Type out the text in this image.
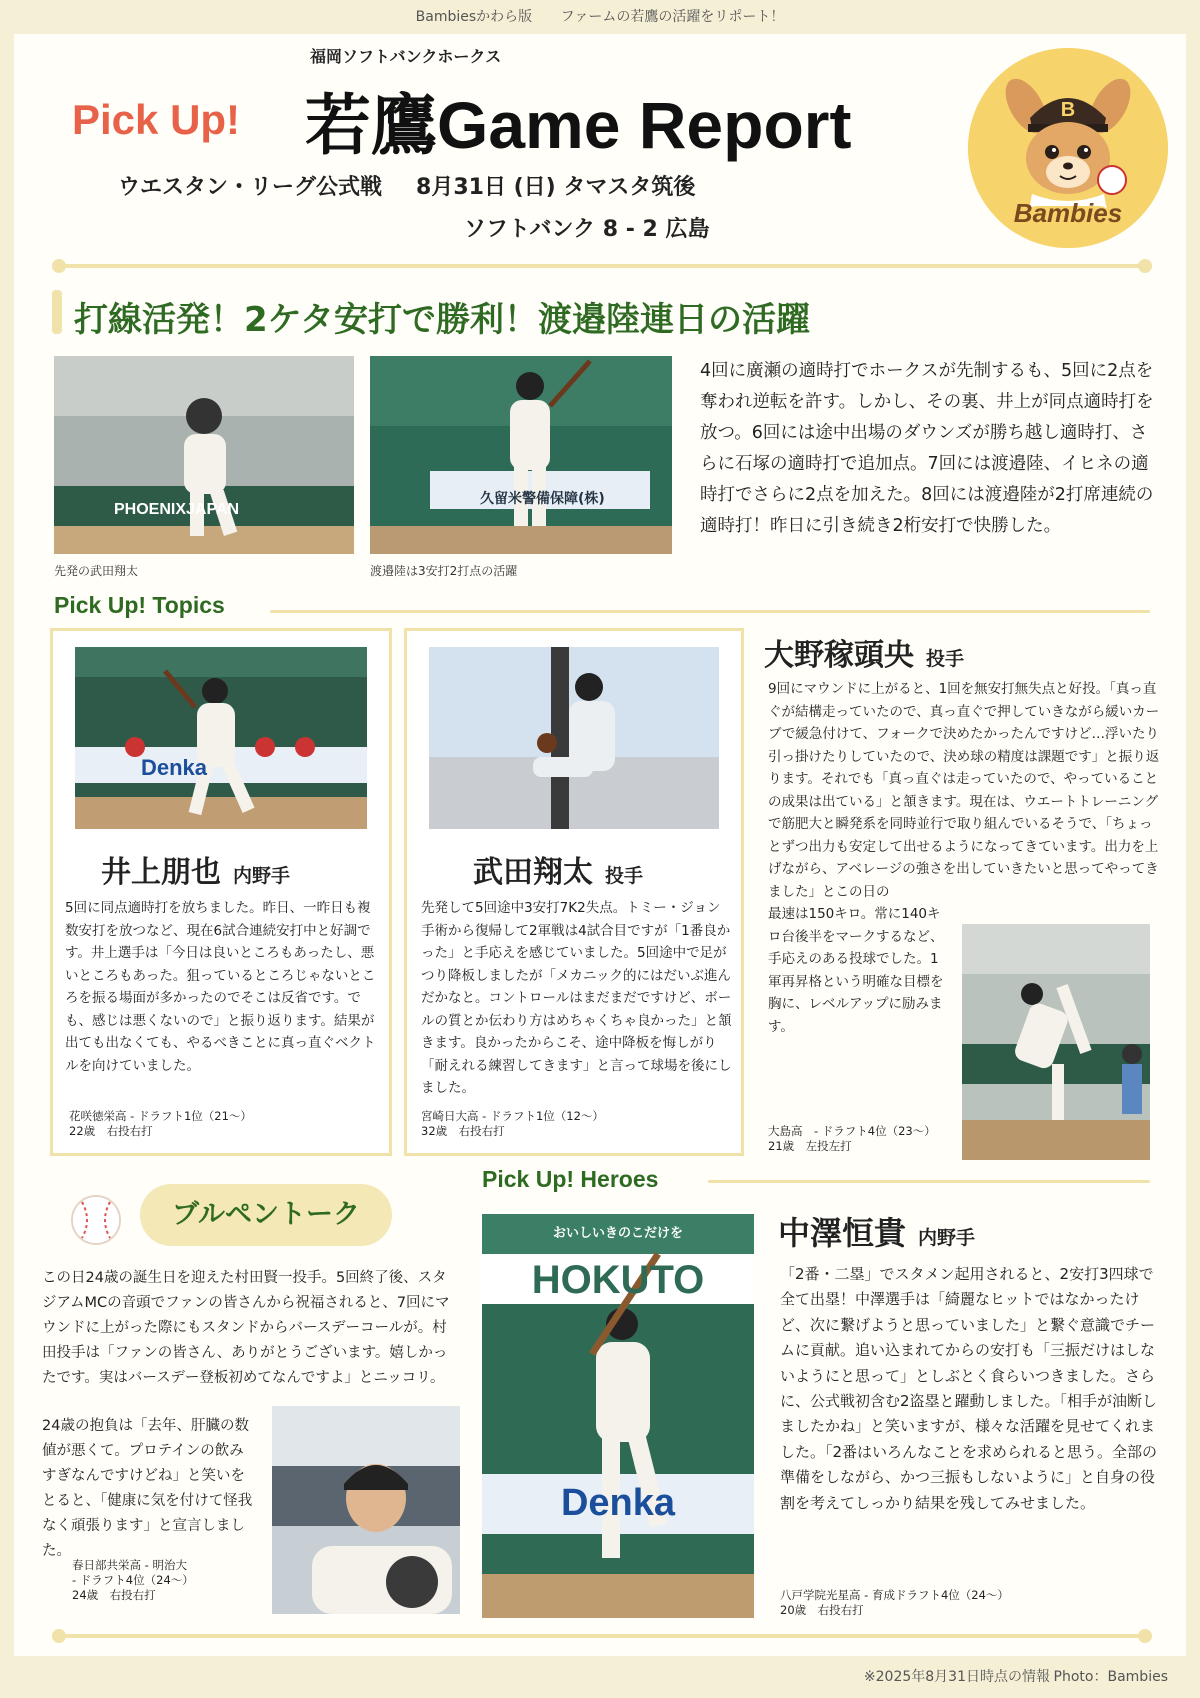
Bambiesかわら版 ファームの若鷹の活躍をリポート！
Pick Up!
福岡ソフトバンクホークス
若鷹Game Report
ウエスタン・リーグ公式戦 8月31日 (日) タマスタ筑後
ソフトバンク 8 - 2 広島
B
Bambies
打線活発！2ケタ安打で勝利！渡邉陸連日の活躍
PHOENIXJAPAN
先発の武田翔太
久留米警備保障(株)
渡邉陸は3安打2打点の活躍
4回に廣瀬の適時打でホークスが先制するも、5回に2点を奪われ逆転を許す。しかし、その裏、井上が同点適時打を放つ。6回には途中出場のダウンズが勝ち越し適時打、さらに石塚の適時打で追加点。7回には渡邉陸、イヒネの適時打でさらに2点を加えた。8回には渡邉陸が2打席連続の適時打！昨日に引き続き2桁安打で快勝した。
Pick Up! Topics
Denka
井上朋也 内野手
5回に同点適時打を放ちました。昨日、一昨日も複数安打を放つなど、現在6試合連続安打中と好調です。井上選手は「今日は良いところもあったし、悪いところもあった。狙っているところじゃないところを振る場面が多かったのでそこは反省です。でも、感じは悪くないので」と振り返ります。結果が出ても出なくても、やるべきことに真っ直ぐベクトルを向けていました。
花咲徳栄高 - ドラフト1位（21～）
22歳　右投右打
武田翔太 投手
先発して5回途中3安打7K2失点。トミー・ジョン手術から復帰して2軍戦は4試合目ですが「1番良かった」と手応えを感じていました。5回途中で足がつり降板しましたが「メカニック的にはだいぶ進んだかなと。コントロールはまだまだですけど、ボールの質とか伝わり方はめちゃくちゃ良かった」と頷きます。良かったからこそ、途中降板を悔しがり「耐えれる練習してきます」と言って球場を後にしました。
宮崎日大高 - ドラフト1位（12～）
32歳　右投右打
大野稼頭央 投手
9回にマウンドに上がると、1回を無安打無失点と好投。「真っ直ぐが結構走っていたので、真っ直ぐで押していきながら緩いカーブで緩急付けて、フォークで決めたかったんですけど…浮いたり引っ掛けたりしていたので、決め球の精度は課題です」と振り返ります。それでも「真っ直ぐは走っていたので、やっていることの成果は出ている」と頷きます。現在は、ウエートトレーニングで筋肥大と瞬発系を同時並行で取り組んでいるそうで、「ちょっとずつ出力も安定して出せるようになってきています。出力を上げながら、アベレージの強さを出していきたいと思ってやってきました」とこの日の
最速は150キロ。常に140キロ台後半をマークするなど、手応えのある投球でした。1軍再昇格という明確な目標を胸に、レベルアップに励みます。
大島高　- ドラフト4位（23～）
21歳　左投左打
Pick Up! Heroes
ブルペントーク
この日24歳の誕生日を迎えた村田賢一投手。5回終了後、スタジアムMCの音頭でファンの皆さんから祝福されると、7回にマウンドに上がった際にもスタンドからバースデーコールが。村田投手は「ファンの皆さん、ありがとうございます。嬉しかったです。実はバースデー登板初めてなんですよ」とニッコリ。
24歳の抱負は「去年、肝臓の数値が悪くて。プロテインの飲みすぎなんですけどね」と笑いをとると、「健康に気を付けて怪我なく頑張ります」と宣言しました。
春日部共栄高 - 明治大
- ドラフト4位（24～）
24歳　右投右打
おいしいきのこだけを
HOKUTO
Denka
中澤恒貴 内野手
「2番・二塁」でスタメン起用されると、2安打3四球で全て出塁！中澤選手は「綺麗なヒットではなかったけど、次に繋げようと思っていました」と繋ぐ意識でチームに貢献。追い込まれてからの安打も「三振だけはしないようにと思って」としぶとく食らいつきました。さらに、公式戦初含む2盗塁と躍動しました。「相手が油断しましたかね」と笑いますが、様々な活躍を見せてくれました。「2番はいろんなことを求められると思う。全部の準備をしながら、かつ三振もしないように」と自身の役割を考えてしっかり結果を残してみせました。
八戸学院光星高 - 育成ドラフト4位（24～）
20歳　右投右打
※2025年8月31日時点の情報 Photo：Bambies
